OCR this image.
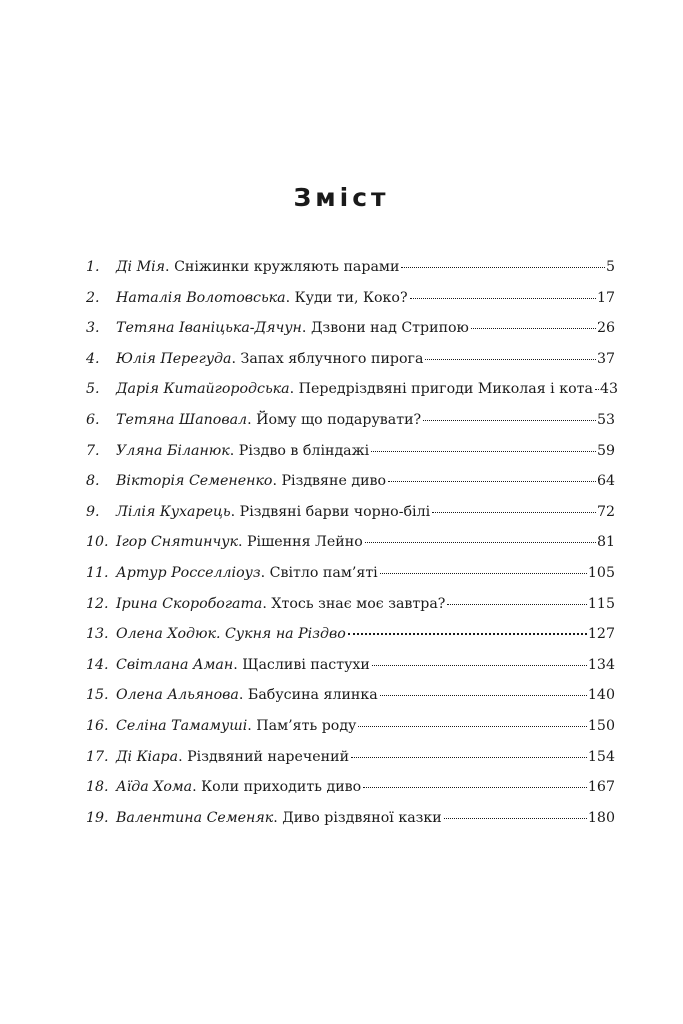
Зміст
1.	Ді Мія . Сніжинки кружляють парами	5
2.	Наталія Волотовська . Куди ти, Коко?	17
3.	Тетяна Іваніцька-Дячун . Дзвони над Стрипою	26
4.	Юлія Перегуда . Запах яблучного пирога	37
5.	Дарія Китайгородська . Передріздвяні пригоди Миколая і кота 43
6.	Тетяна Шаповал . Йому що подарувати?	53
7.	Уляна Біланюк . Різдво в бліндажі	59
8.	Вікторія Семененко . Різдвяне диво	64
9.	Лілія Кухарець . Різдвяні барви чорно-білі	72
10. Ігор Снятинчук . Рішення Лейно	81
11. Артур Росселліоуз . Світло пам’яті	105
12. Ірина Скоробогата . Хтось знає моє завтра?	115
13. Олена Ходюк . Сукня на Різдво	127
14. Світлана Аман . Щасливі пастухи	134
15. Олена Альянова . Бабусина ялинка	140
16. Селіна Тамамуші . Пам’ять роду	150
17. Ді Кіара . Різдвяний наречений	154
18. Аїда Хома . Коли приходить диво	167
19. Валентина Семеняк . Диво різдвяної казки	180
